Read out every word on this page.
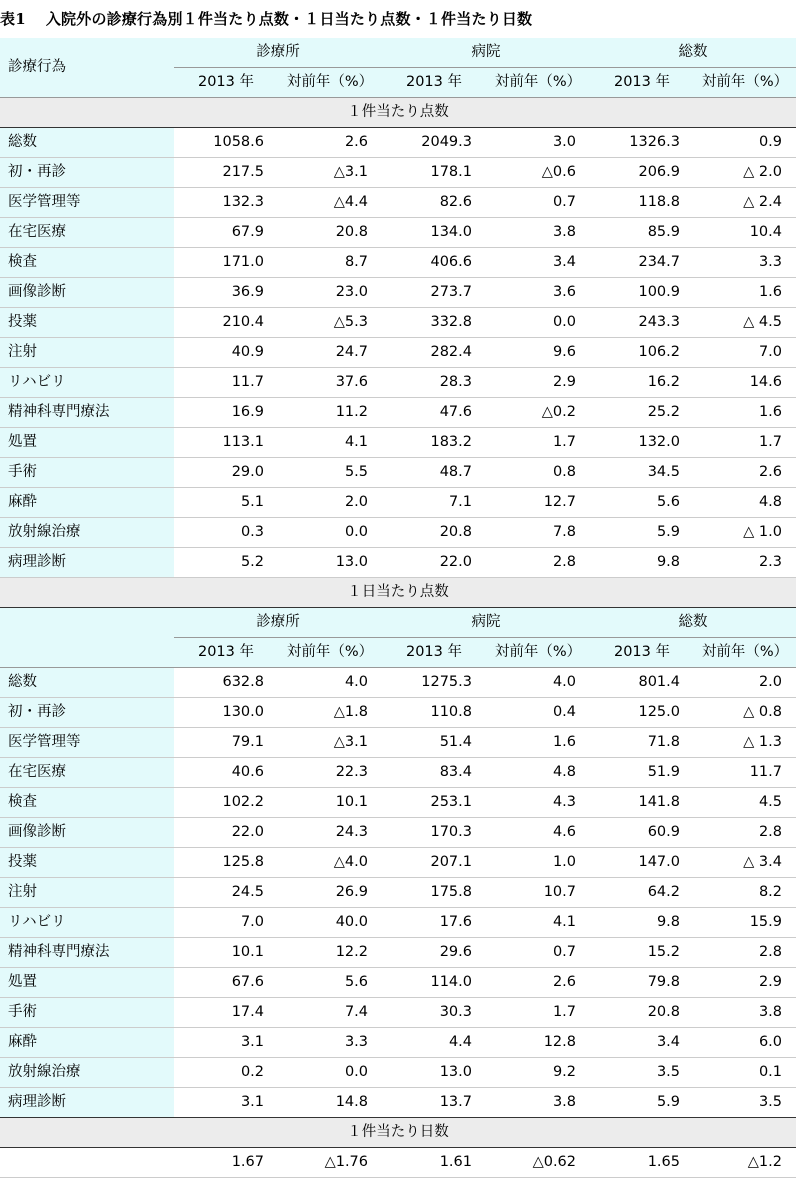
表1 入院外の診療行為別１件当たり点数・１日当たり点数・１件当たり日数
診療行為	診療所		病院		総数	
	2013 年	対前年（%）	2013 年	対前年（%）	2013 年	対前年（%）
１件当たり点数						
総数	1058.6	2.6	2049.3	3.0	1326.3	0.9
初・再診	217.5	△3.1	178.1	△0.6	206.9	△ 2.0
医学管理等	132.3	△4.4	82.6	0.7	118.8	△ 2.4
在宅医療	67.9	20.8	134.0	3.8	85.9	10.4
検査	171.0	8.7	406.6	3.4	234.7	3.3
画像診断	36.9	23.0	273.7	3.6	100.9	1.6
投薬	210.4	△5.3	332.8	0.0	243.3	△ 4.5
注射	40.9	24.7	282.4	9.6	106.2	7.0
リハビリ	11.7	37.6	28.3	2.9	16.2	14.6
精神科専門療法	16.9	11.2	47.6	△0.2	25.2	1.6
処置	113.1	4.1	183.2	1.7	132.0	1.7
手術	29.0	5.5	48.7	0.8	34.5	2.6
麻酔	5.1	2.0	7.1	12.7	5.6	4.8
放射線治療	0.3	0.0	20.8	7.8	5.9	△ 1.0
病理診断	5.2	13.0	22.0	2.8	9.8	2.3
１日当たり点数						
	診療所		病院		総数	
	2013 年	対前年（%）	2013 年	対前年（%）	2013 年	対前年（%）
総数	632.8	4.0	1275.3	4.0	801.4	2.0
初・再診	130.0	△1.8	110.8	0.4	125.0	△ 0.8
医学管理等	79.1	△3.1	51.4	1.6	71.8	△ 1.3
在宅医療	40.6	22.3	83.4	4.8	51.9	11.7
検査	102.2	10.1	253.1	4.3	141.8	4.5
画像診断	22.0	24.3	170.3	4.6	60.9	2.8
投薬	125.8	△4.0	207.1	1.0	147.0	△ 3.4
注射	24.5	26.9	175.8	10.7	64.2	8.2
リハビリ	7.0	40.0	17.6	4.1	9.8	15.9
精神科専門療法	10.1	12.2	29.6	0.7	15.2	2.8
処置	67.6	5.6	114.0	2.6	79.8	2.9
手術	17.4	7.4	30.3	1.7	20.8	3.8
麻酔	3.1	3.3	4.4	12.8	3.4	6.0
放射線治療	0.2	0.0	13.0	9.2	3.5	0.1
病理診断	3.1	14.8	13.7	3.8	5.9	3.5
１件当たり日数						
	1.67	△1.76	1.61	△0.62	1.65	△1.2
